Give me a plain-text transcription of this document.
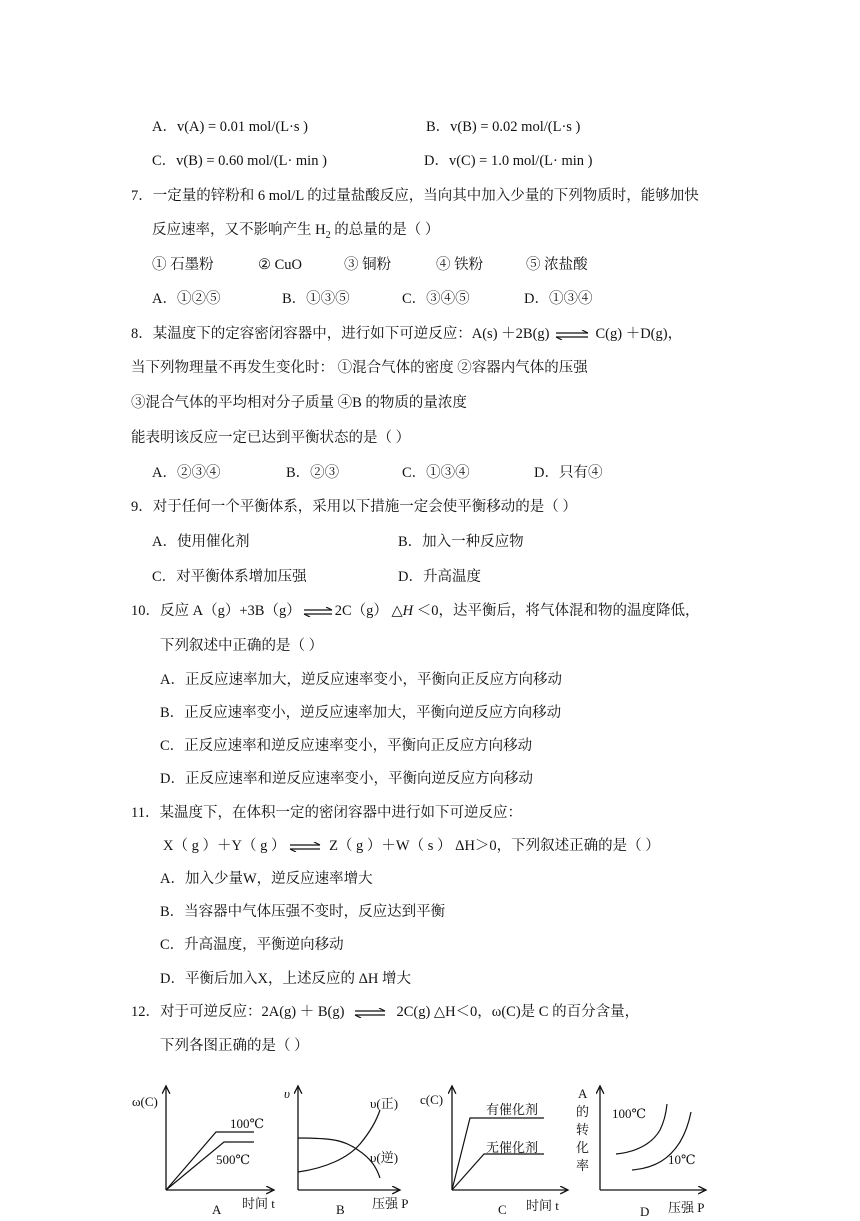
A．v(A) = 0.01 mol/(L·s )	B．v(B) = 0.02 mol/(L·s )
C．v(B) = 0.60 mol/(L· min )	D．v(C) = 1.0 mol/(L· min )
7．一定量的锌粉和 6 mol/L 的过量盐酸反应，当向其中加入少量的下列物质时，能够加快
反应速率，又不影响产生 $H_2$ 的总量的是（ ）
① 石墨粉	② CuO	③ 铜粉	④ 铁粉	⑤ 浓盐酸
A．①②⑤	B．①③⑤	C．③④⑤	D．①③④
8．某温度下的定容密闭容器中，进行如下可逆反应：A(s) ＋2B(g) ⇌ C(g) ＋D(g)，
当下列物理量不再发生变化时： ①混合气体的密度 ②容器内气体的压强
③混合气体的平均相对分子质量 ④B 的物质的量浓度
能表明该反应一定已达到平衡状态的是（ ）
A．②③④	B．②③	C．①③④	D．只有④
9．对于任何一个平衡体系，采用以下措施一定会使平衡移动的是（ ）
A．使用催化剂	B．加入一种反应物
C．对平衡体系增加压强	D．升高温度
10．反应 A（g）+3B（g） ⇌ 2C（g） △H ＜0，达平衡后，将气体混和物的温度降低，
下列叙述中正确的是（ ）
A．正反应速率加大，逆反应速率变小，平衡向正反应方向移动
B．正反应速率变小，逆反应速率加大，平衡向逆反应方向移动
C．正反应速率和逆反应速率变小，平衡向正反应方向移动
D．正反应速率和逆反应速率变小，平衡向逆反应方向移动
11．某温度下，在体积一定的密闭容器中进行如下可逆反应：
X（ g ）＋Y（ g ） ⇌ Z（ g ）＋W（ s ） ΔH＞0，下列叙述正确的是（ ）
A．加入少量W，逆反应速率增大
B．当容器中气体压强不变时，反应达到平衡
C．升高温度，平衡逆向移动
D．平衡后加入X，上述反应的 ΔH 增大
12．对于可逆反应：2A(g) ＋ B(g) ⇌ 2C(g) △H＜0，ω(C)是 C 的百分含量，
下列各图正确的是（ ）
ω(C)
100℃
500℃
时间 t
A
υ
υ(正)
υ(逆)
压强 P
B
c(C)
有催化剂
无催化剂
时间 t
C
A
的
转
化
率
100℃
10℃
压强 P
D
